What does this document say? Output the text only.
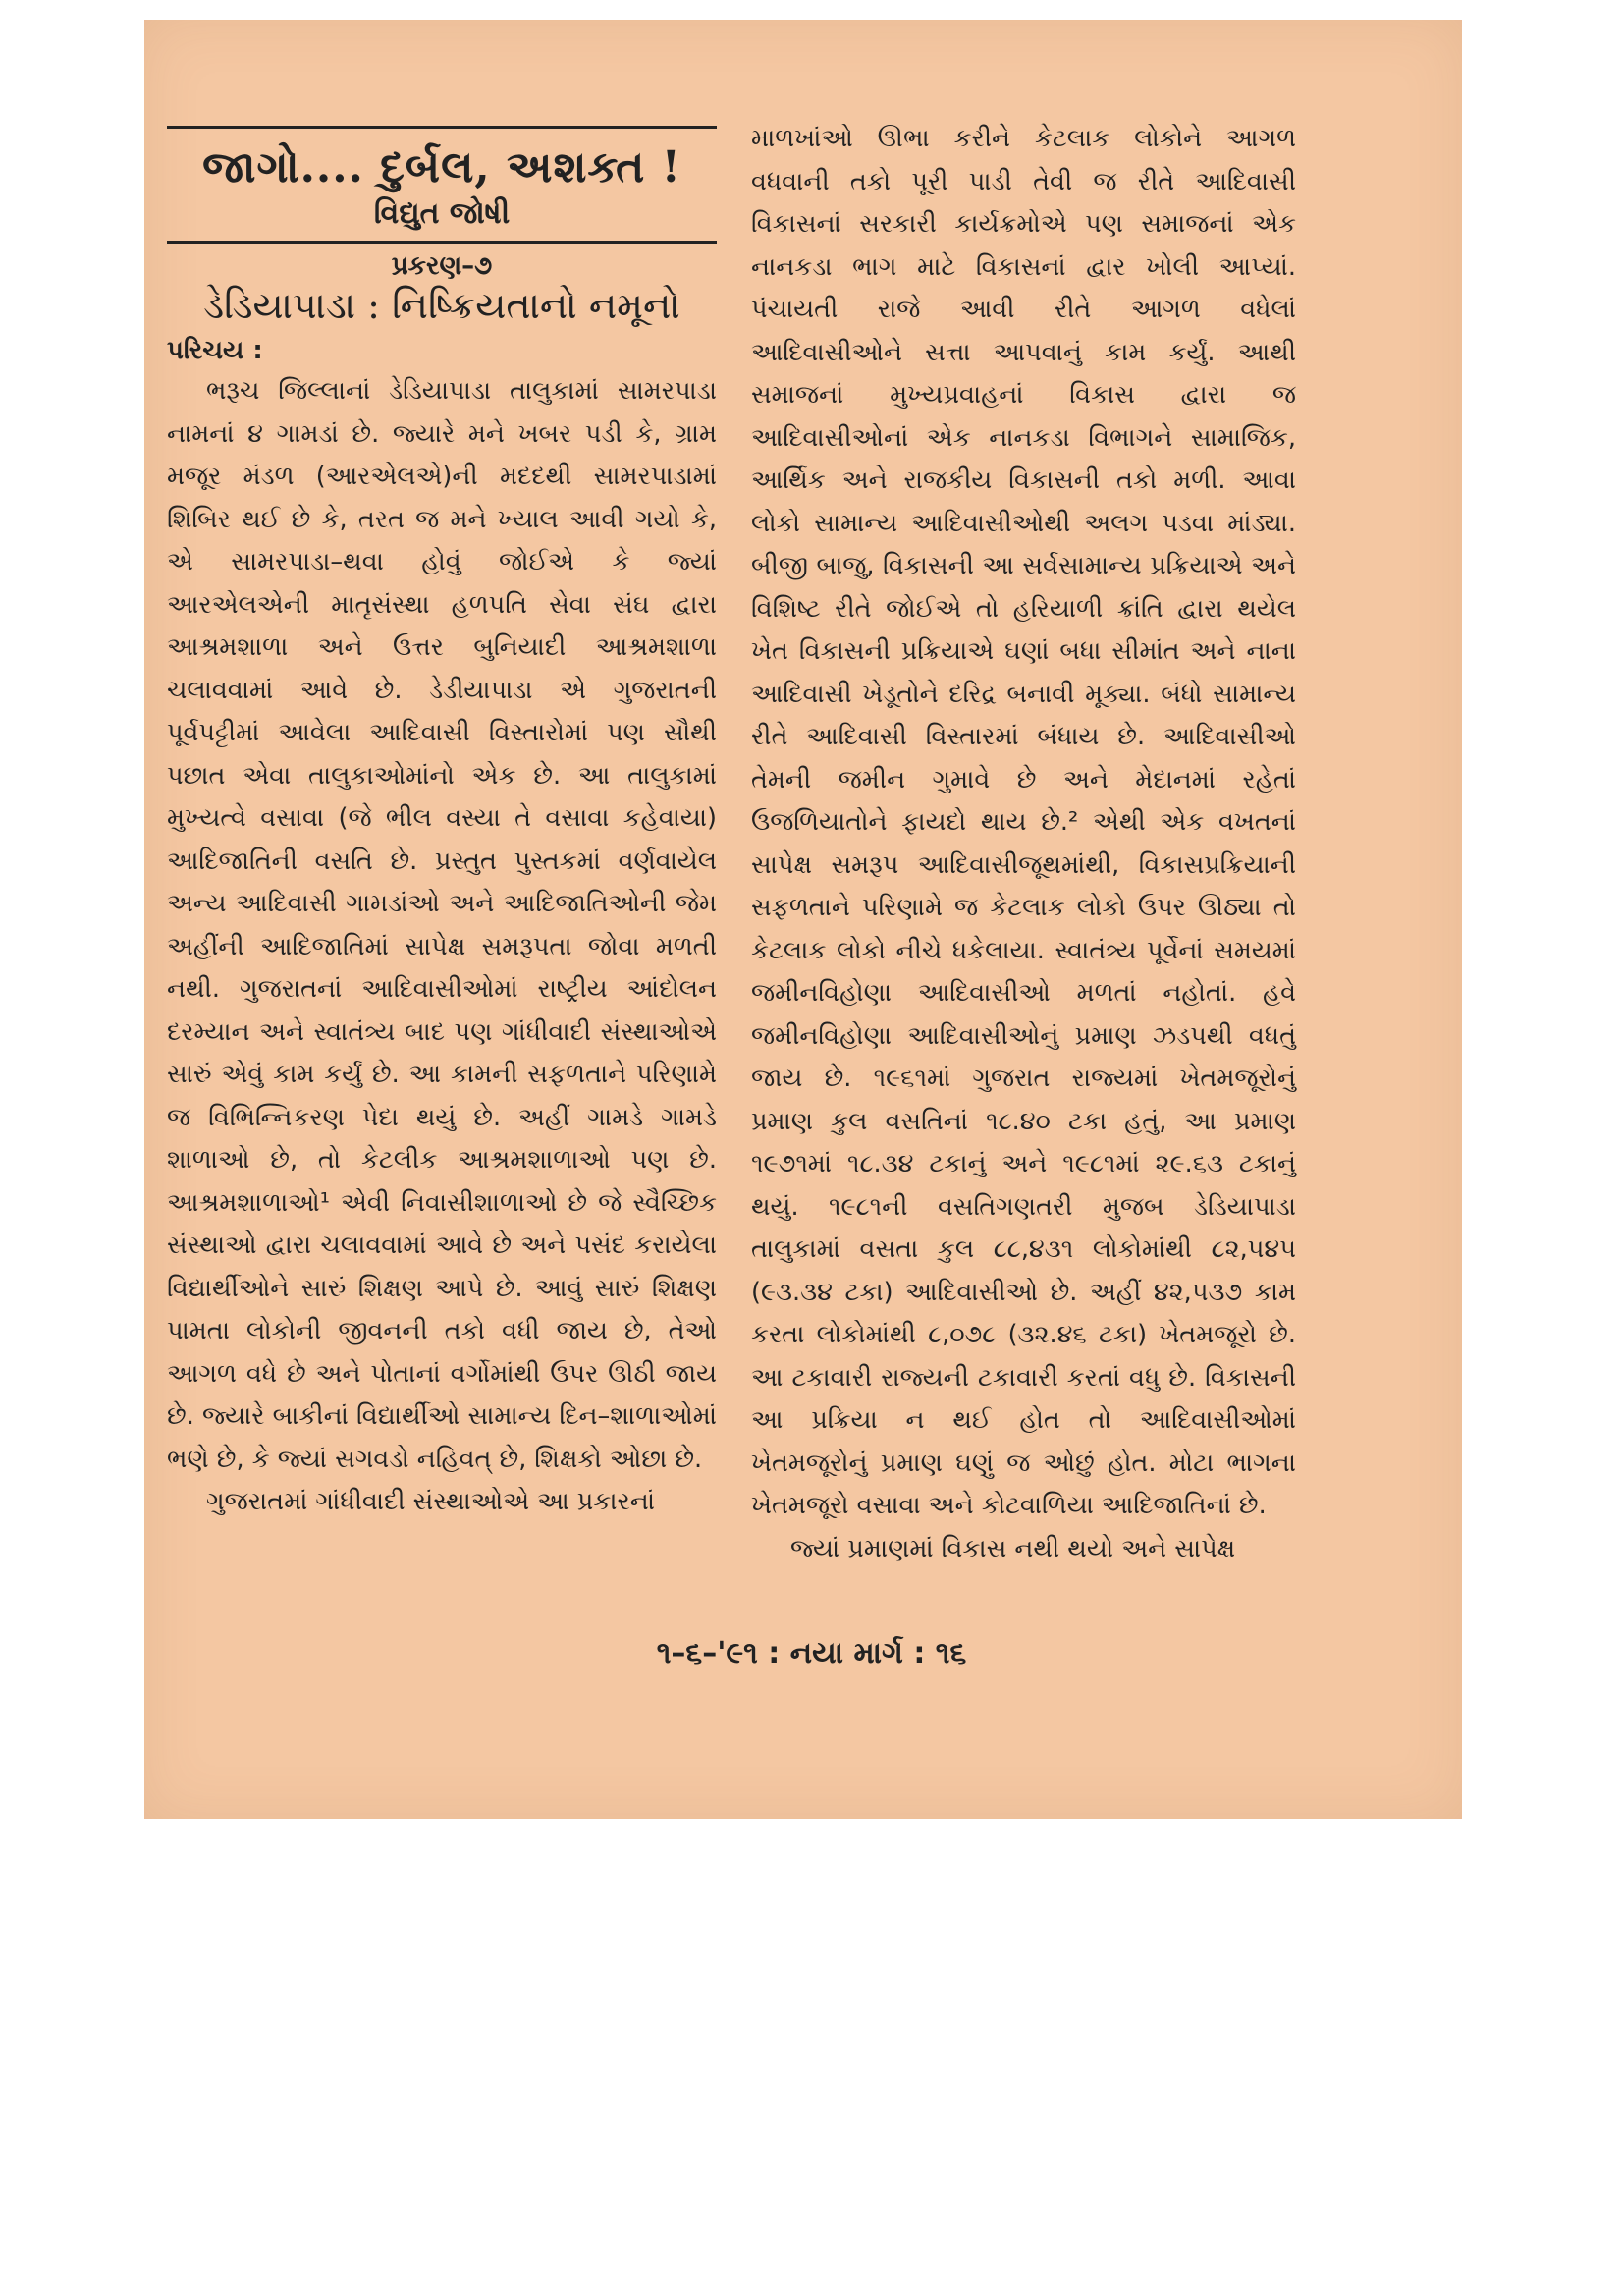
જાગો.... દુર્બલ, અશક્ત !
વિદ્યુત જોષી
પ્રકરણ–૭
ડેડિયાપાડા : નિષ્ક્રિયતાનો નમૂનો
પરિચય :

ભરૂચ જિલ્લાનાં ડેડિયાપાડા તાલુકામાં સામરપાડા નામનાં ૪ ગામડાં છે. જ્યારે મને ખબર પડી કે, ગ્રામ મજૂર મંડળ (આરએલએ)ની મદદથી સામરપાડામાં શિબિર થઈ છે કે, તરત જ મને ખ્યાલ આવી ગયો કે, એ સામરપાડા–થવા હોવું જોઈએ કે જ્યાં આરએલએની માતૃસંસ્થા હળપતિ સેવા સંઘ દ્વારા આશ્રમશાળા અને ઉત્તર બુનિયાદી આશ્રમશાળા ચલાવવામાં આવે છે. ડેડીયાપાડા એ ગુજરાતની પૂર્વપટ્ટીમાં આવેલા આદિવાસી વિસ્તારોમાં પણ સૌથી પછાત એવા તાલુકાઓમાંનો એક છે. આ તાલુકામાં મુખ્યત્વે વસાવા (જે ભીલ વસ્યા તે વસાવા કહેવાયા) આદિજાતિની વસતિ છે. પ્રસ્તુત પુસ્તકમાં વર્ણવાયેલ અન્ય આદિવાસી ગામડાંઓ અને આદિજાતિઓની જેમ અહીંની આદિજાતિમાં સાપેક્ષ સમરૂપતા જોવા મળતી નથી. ગુજરાતનાં આદિવાસીઓમાં રાષ્ટ્રીય આંદોલન દરમ્યાન અને સ્વાતંત્ર્ય બાદ પણ ગાંધીવાદી સંસ્થાઓએ સારું એવું કામ કર્યું છે. આ કામની સફળતાને પરિણામે જ વિભિન્નિકરણ પેદા થયું છે. અહીં ગામડે ગામડે શાળાઓ છે, તો કેટલીક આશ્રમશાળાઓ પણ છે. આશ્રમશાળાઓ¹ એવી નિવાસીશાળાઓ છે જે સ્વૈચ્છિક સંસ્થાઓ દ્વારા ચલાવવામાં આવે છે અને પસંદ કરાયેલા વિદ્યાર્થીઓને સારું શિક્ષણ આપે છે. આવું સારું શિક્ષણ પામતા લોકોની જીવનની તકો વધી જાય છે, તેઓ આગળ વધે છે અને પોતાનાં વર્ગોમાંથી ઉપર ઊઠી જાય છે. જ્યારે બાકીનાં વિદ્યાર્થીઓ સામાન્ય દિન–શાળાઓમાં ભણે છે, કે જ્યાં સગવડો નહિવત્ છે, શિક્ષકો ઓછા છે.

ગુજરાતમાં ગાંધીવાદી સંસ્થાઓએ આ પ્રકારનાં

માળખાંઓ ઊભા કરીને કેટલાક લોકોને આગળ વધવાની તકો પૂરી પાડી તેવી જ રીતે આદિવાસી વિકાસનાં સરકારી કાર્યક્રમોએ પણ સમાજનાં એક નાનકડા ભાગ માટે વિકાસનાં દ્વાર ખોલી આપ્યાં. પંચાયતી રાજે આવી રીતે આગળ વધેલાં આદિવાસીઓને સત્તા આપવાનું કામ કર્યું. આથી સમાજનાં મુખ્યપ્રવાહનાં વિકાસ દ્વારા જ આદિવાસીઓનાં એક નાનકડા વિભાગને સામાજિક, આર્થિક અને રાજકીય વિકાસની તકો મળી. આવા લોકો સામાન્ય આદિવાસીઓથી અલગ પડવા માંડ્યા. બીજી બાજુ, વિકાસની આ સર્વસામાન્ય પ્રક્રિયાએ અને વિશિષ્ટ રીતે જોઈએ તો હરિયાળી ક્રાંતિ દ્વારા થયેલ ખેત વિકાસની પ્રક્રિયાએ ઘણાં બધા સીમાંત અને નાના આદિવાસી ખેડૂતોને દરિદ્ર બનાવી મૂક્યા. બંધો સામાન્ય રીતે આદિવાસી વિસ્તારમાં બંધાય છે. આદિવાસીઓ તેમની જમીન ગુમાવે છે અને મેદાનમાં રહેતાં ઉજળિયાતોને ફાયદો થાય છે.² એથી એક વખતનાં સાપેક્ષ સમરૂપ આદિવાસીજૂથમાંથી, વિકાસપ્રક્રિયાની સફળતાને પરિણામે જ કેટલાક લોકો ઉપર ઊઠ્યા તો કેટલાક લોકો નીચે ધકેલાયા. સ્વાતંત્ર્ય પૂર્વેનાં સમયમાં જમીનવિહોણા આદિવાસીઓ મળતાં નહોતાં. હવે જમીનવિહોણા આદિવાસીઓનું પ્રમાણ ઝડપથી વધતું જાય છે. ૧૯૬૧માં ગુજરાત રાજ્યમાં ખેતમજૂરોનું પ્રમાણ કુલ વસતિનાં ૧૮.૪૦ ટકા હતું, આ પ્રમાણ ૧૯૭૧માં ૧૮.૩૪ ટકાનું અને ૧૯૮૧માં ૨૯.૬૩ ટકાનું થયું. ૧૯૮૧ની વસતિગણતરી મુજબ ડેડિયાપાડા તાલુકામાં વસતા કુલ ૮૮,૪૩૧ લોકોમાંથી ૮૨,૫૪૫ (૯૩.૩૪ ટકા) આદિવાસીઓ છે. અહીં ૪૨,૫૩૭ કામ કરતા લોકોમાંથી ૮,૦૭૮ (૩૨.૪૬ ટકા) ખેતમજૂરો છે. આ ટકાવારી રાજ્યની ટકાવારી કરતાં વધુ છે. વિકાસની આ પ્રક્રિયા ન થઈ હોત તો આદિવાસીઓમાં ખેતમજૂરોનું પ્રમાણ ઘણું જ ઓછું હોત. મોટા ભાગના ખેતમજૂરો વસાવા અને કોટવાળિયા આદિજાતિનાં છે.

જ્યાં પ્રમાણમાં વિકાસ નથી થયો અને સાપેક્ષ

૧–૬–'૯૧ : નયા માર્ગ : ૧૬
